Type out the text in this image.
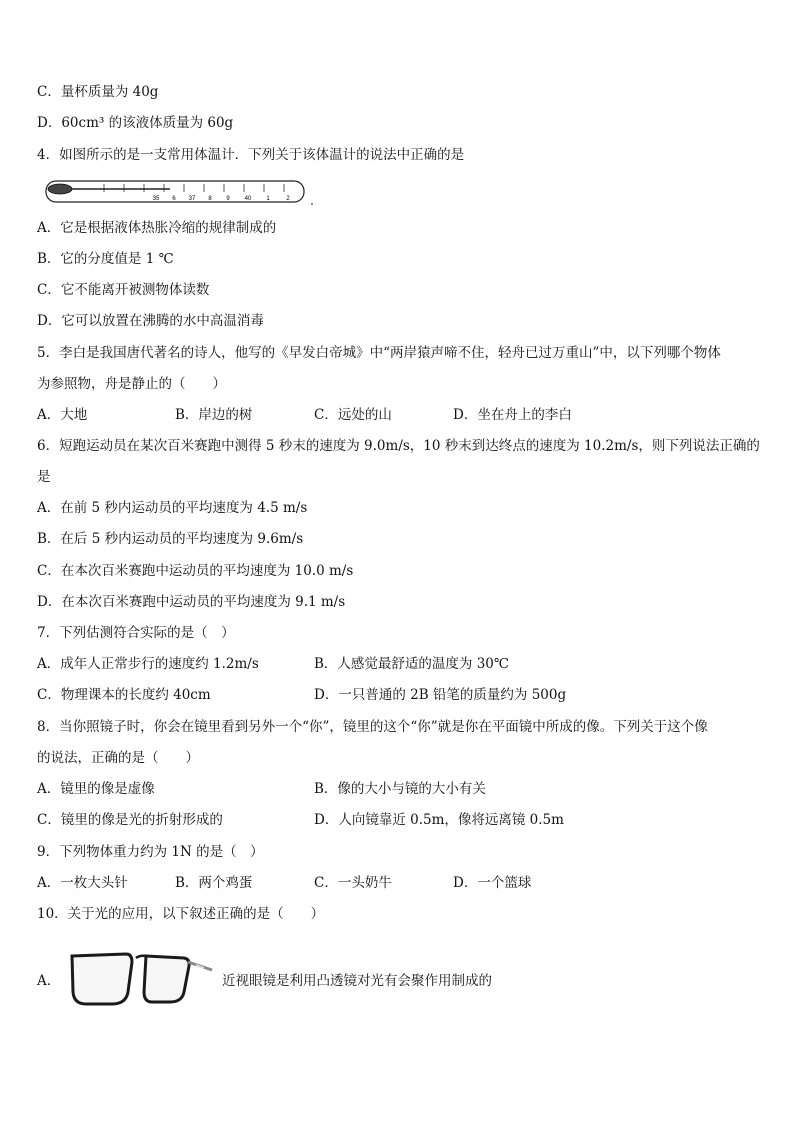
C．量杯质量为 40g
D．60cm³ 的该液体质量为 60g
4．如图所示的是一支常用体温计．下列关于该体温计的说法中正确的是
35 6 37 8 9 40 1	2
A．它是根据液体热胀冷缩的规律制成的
B．它的分度值是 1 ℃
C．它不能离开被测物体读数
D．它可以放置在沸腾的水中高温消毒
5．李白是我国唐代著名的诗人，他写的《早发白帝城》中“两岸猿声啼不住，轻舟已过万重山”中，以下列哪个物体
为参照物，舟是静止的（　　）
A．大地	B．岸边的树	C．远处的山	D．坐在舟上的李白
6．短跑运动员在某次百米赛跑中测得 5 秒末的速度为 9.0m/s，10 秒末到达终点的速度为 10.2m/s，则下列说法正确的
是
A．在前 5 秒内运动员的平均速度为 4.5 m/s
B．在后 5 秒内运动员的平均速度为 9.6m/s
C．在本次百米赛跑中运动员的平均速度为 10.0 m/s
D．在本次百米赛跑中运动员的平均速度为 9.1 m/s
7．下列估测符合实际的是（　）
A．成年人正常步行的速度约 1.2m/s	B．人感觉最舒适的温度为 30℃
C．物理课本的长度约 40cm	D．一只普通的 2B 铅笔的质量约为 500g
8．当你照镜子时，你会在镜里看到另外一个“你”，镜里的这个“你”就是你在平面镜中所成的像。下列关于这个像
的说法，正确的是（　　）
A．镜里的像是虚像	B．像的大小与镜的大小有关
C．镜里的像是光的折射形成的	D．人向镜靠近 0.5m，像将远离镜 0.5m
9．下列物体重力约为 1N 的是（　）
A．一枚大头针	B．两个鸡蛋	C．一头奶牛	D．一个篮球
10．关于光的应用，以下叙述正确的是（　　）
A．	近视眼镜是利用凸透镜对光有会聚作用制成的
